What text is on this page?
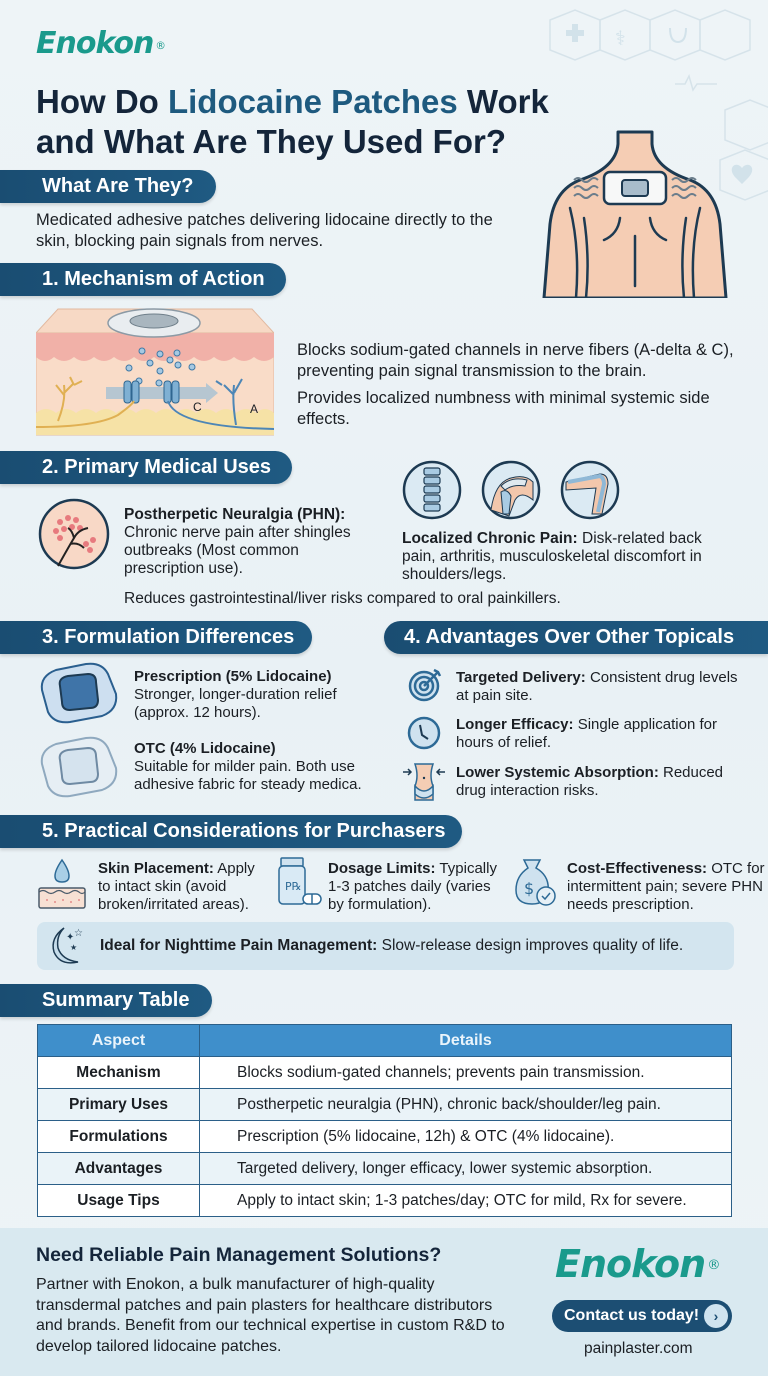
⚕
Enokon ®
How Do Lidocaine Patches Work
and What Are They Used For?
What Are They?
Medicated adhesive patches delivering lidocaine directly to the skin, blocking pain signals from nerves.
1. Mechanism of Action
C	A
Blocks sodium-gated channels in nerve fibers (A-delta & C), preventing pain signal transmission to the brain.
Provides localized numbness with minimal systemic side effects.
2. Primary Medical Uses
Postherpetic Neuralgia (PHN):
Chronic nerve pain after shingles outbreaks (Most common prescription use).
Localized Chronic Pain: Disk-related back pain, arthritis, musculoskeletal discomfort in shoulders/legs.
Reduces gastrointestinal/liver risks compared to oral painkillers.
3. Formulation Differences
Prescription (5% Lidocaine)
Stronger, longer-duration relief (approx. 12 hours).
OTC (4% Lidocaine)
Suitable for milder pain. Both use adhesive fabric for steady medica.
4. Advantages Over Other Topicals
Targeted Delivery: Consistent drug levels at pain site.
Longer Efficacy: Single application for hours of relief.
Lower Systemic Absorption: Reduced drug interaction risks.
5. Practical Considerations for Purchasers
Skin Placement: Apply to intact skin (avoid broken/irritated areas).
P℞
Dosage Limits: Typically 1-3 patches daily (varies by formulation).
$
Cost-Effectiveness: OTC for intermittent pain; severe PHN needs prescription.
✦ ☆
★ Ideal for Nighttime Pain Management: Slow-release design improves quality of life.
Summary Table
Aspect	Details
Mechanism	Blocks sodium-gated channels; prevents pain transmission.
Primary Uses	Postherpetic neuralgia (PHN), chronic back/shoulder/leg pain.
Formulations	Prescription (5% lidocaine, 12h) & OTC (4% lidocaine).
Advantages	Targeted delivery, longer efficacy, lower systemic absorption.
Usage Tips	Apply to intact skin; 1-3 patches/day; OTC for mild, Rx for severe.
Need Reliable Pain Management Solutions?
Partner with Enokon, a bulk manufacturer of high-quality transdermal patches and pain plasters for healthcare distributors and brands. Benefit from our technical expertise in custom R&D to develop tailored lidocaine patches.
Enokon ®
Contact us today!	›
painplaster.com
